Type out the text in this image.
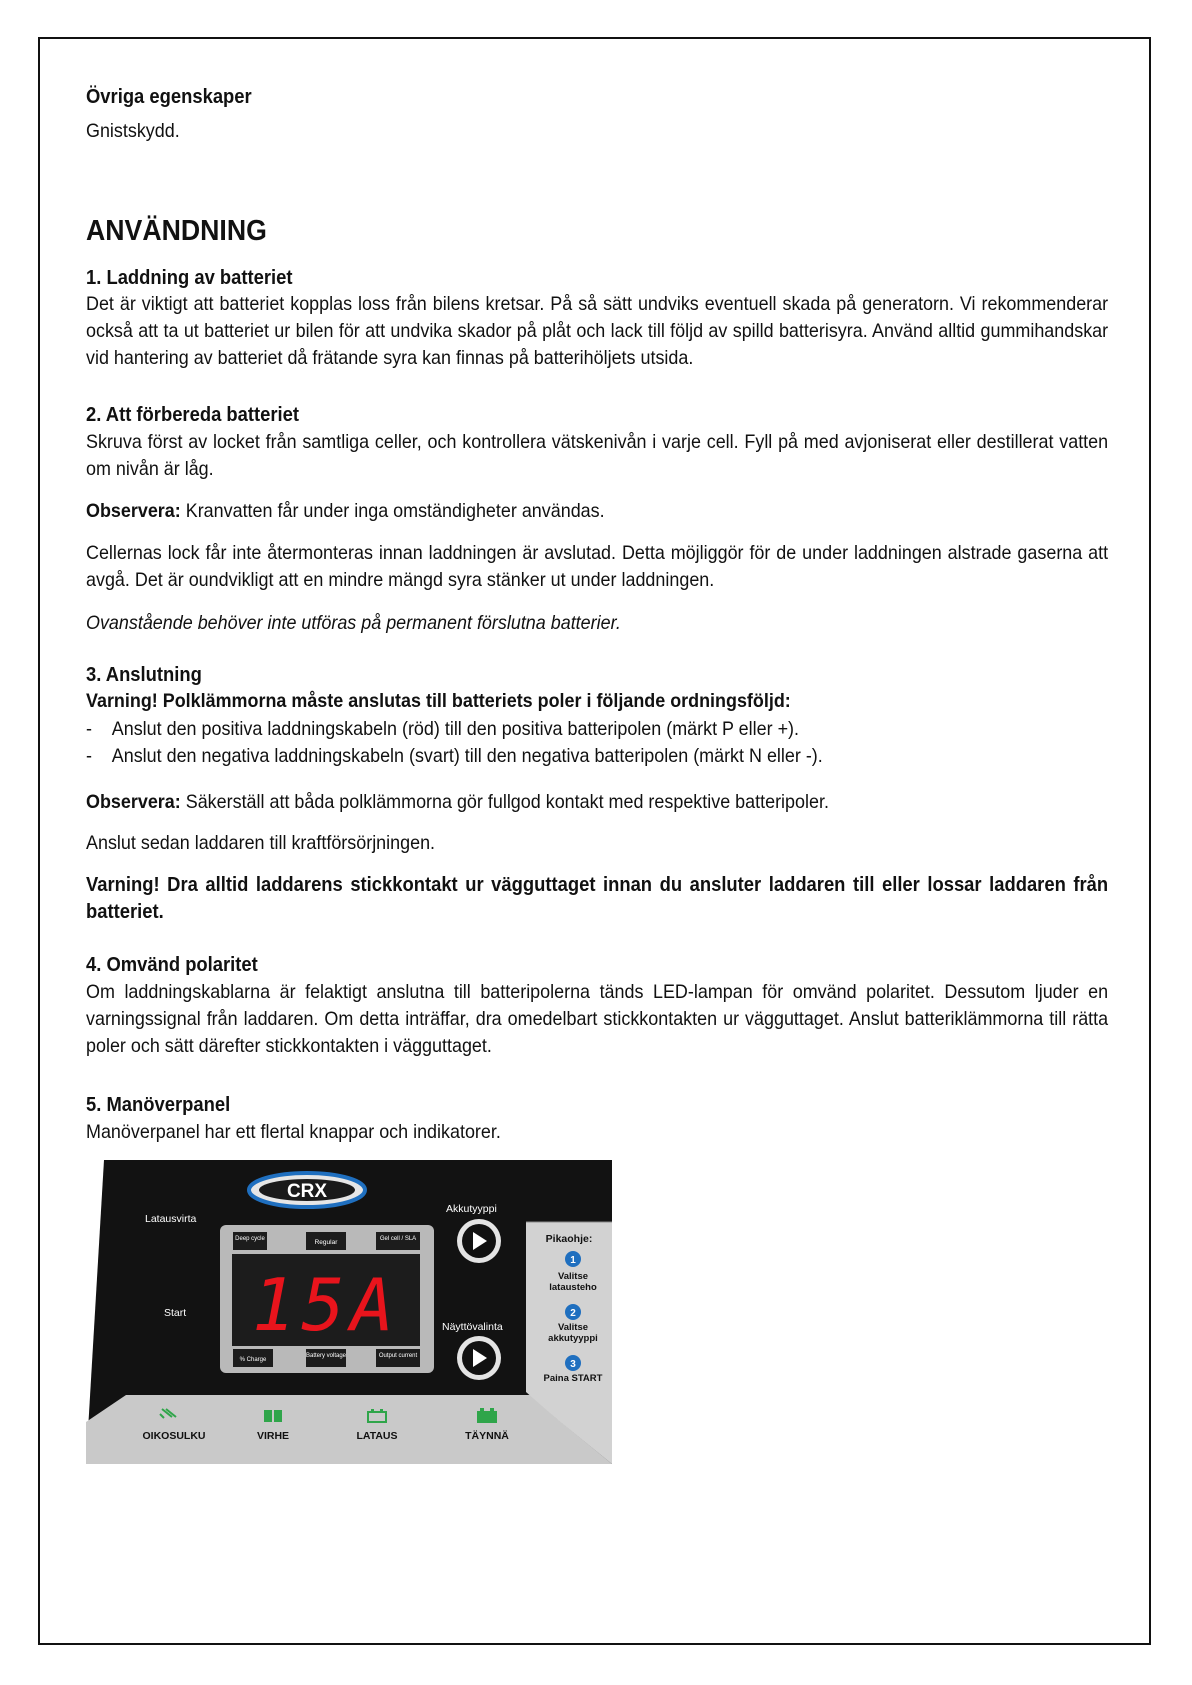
Övriga egenskaper
Gnistskydd.
ANVÄNDNING
1. Laddning av batteriet
Det är viktigt att batteriet kopplas loss från bilens kretsar. På så sätt undviks eventuell skada på generatorn. Vi rekommenderar också att ta ut batteriet ur bilen för att undvika skador på plåt och lack till följd av spilld batterisyra. Använd alltid gummihandskar vid hantering av batteriet då frätande syra kan finnas på batterihöljets utsida.
2. Att förbereda batteriet
Skruva först av locket från samtliga celler, och kontrollera vätskenivån i varje cell. Fyll på med avjoniserat eller destillerat vatten om nivån är låg.
Observera: Kranvatten får under inga omständigheter användas.
Cellernas lock får inte återmonteras innan laddningen är avslutad. Detta möjliggör för de under laddningen alstrade gaserna att avgå. Det är oundvikligt att en mindre mängd syra stänker ut under laddningen.
Ovanstående behöver inte utföras på permanent förslutna batterier.
3. Anslutning
Varning! Polklämmorna måste anslutas till batteriets poler i följande ordningsföljd:
-	Anslut den positiva laddningskabeln (röd) till den positiva batteripolen (märkt P eller +).
-	Anslut den negativa laddningskabeln (svart) till den negativa batteripolen (märkt N eller -).
Observera: Säkerställ att båda polklämmorna gör fullgod kontakt med respektive batteripoler.
Anslut sedan laddaren till kraftförsörjningen.
Varning! Dra alltid laddarens stickkontakt ur vägguttaget innan du ansluter laddaren till eller lossar laddaren från batteriet.
4. Omvänd polaritet
Om laddningskablarna är felaktigt anslutna till batteripolerna tänds LED-lampan för omvänd polaritet. Dessutom ljuder en varningssignal från laddaren. Om detta inträffar, dra omedelbart stickkontakten ur vägguttaget. Anslut batteriklämmorna till rätta poler och sätt därefter stickkontakten i vägguttaget.
5. Manöverpanel
Manöverpanel har ett flertal knappar och indikatorer.
CRX
Latausvirta
Start 15A
Deep cycle	Regular	Gel cell / SLA
% Charge
Battery voltage	Output current
Akkutyyppi
Näyttövalinta
Pikaohje:
1
Valitse
latausteho
2
Valitse
akkutyyppi
3
Paina START
OIKOSULKU	VIRHE	LATAUS	TÄYNNÄ
